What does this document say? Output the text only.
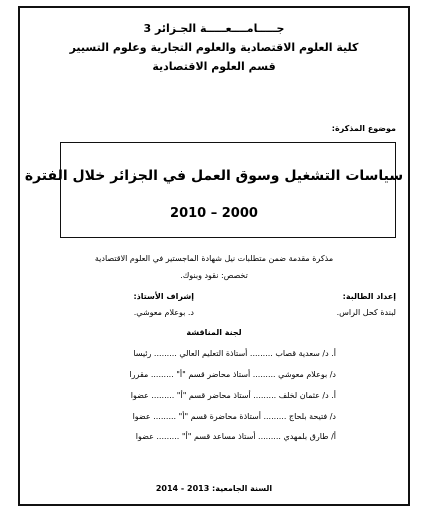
جـــــامــــعـــــة الجـزائر 3
كلية العلوم الاقتصادية والعلوم التجارية وعلوم التسيير
قسم العلوم الاقتصادية
موضوع المذكرة:
سياسات التشغيل وسوق العمل في الجزائر خلال الفترة
2010 – 2000
مذكرة مقدمة ضمن متطلبات نيل شهادة الماجستير في العلوم الاقتصادية
تخصص: نقود وبنوك.
إعداد الطالبة:
إشراف الأستاذ:
لبندة كحل الراس.
د. بوعلام معوشي.
لجنة المناقشة
أ. د/ سعدية قصاب ......... أستاذة التعليم العالي ......... رئيسا
د/ بوعلام معوشي ......... أستاذ محاضر قسم "أ" ......... مقررا
أ. د/ عثمان لخلف ......... أستاذ محاضر قسم "أ" ......... عضوا
د/ فتيحة بلحاج ......... أستاذة محاضرة قسم "أ" ......... عضوا
أ/ طارق بلمهدي ......... أستاذ مساعد قسم "أ" ......... عضوا
السنة الجامعية: 2013 - 2014
